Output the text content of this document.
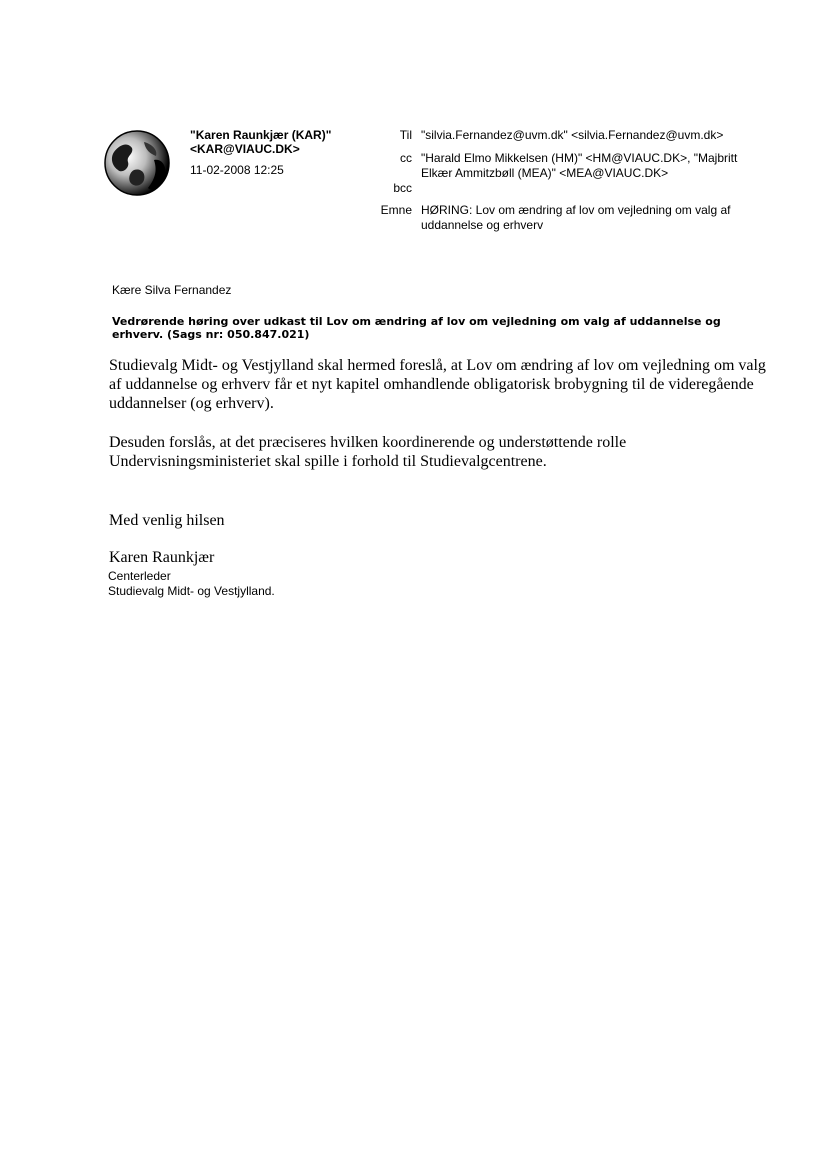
"Karen Raunkjær (KAR)"
<KAR@VIAUC.DK>
11-02-2008 12:25
Til "silvia.Fernandez@uvm.dk" <silvia.Fernandez@uvm.dk>
cc "Harald Elmo Mikkelsen (HM)" <HM@VIAUC.DK>, "Majbritt Elkær Ammitzbøll (MEA)" <MEA@VIAUC.DK>
bcc
Emne HØRING: Lov om ændring af lov om vejledning om valg af uddannelse og erhverv
Kære Silva Fernandez
Vedrørende høring over udkast til Lov om ændring af lov om vejledning om valg af uddannelse og erhverv. (Sags nr: 050.847.021)
Studievalg Midt- og Vestjylland skal hermed foreslå, at Lov om ændring af lov om vejledning om valg af uddannelse og erhverv får et nyt kapitel omhandlende obligatorisk brobygning til de videregående uddannelser (og erhverv).
Desuden forslås, at det præciseres hvilken koordinerende og understøttende rolle Undervisningsministeriet skal spille i forhold til Studievalgcentrene.
Med venlig hilsen
Karen Raunkjær
Centerleder
Studievalg Midt- og Vestjylland.
